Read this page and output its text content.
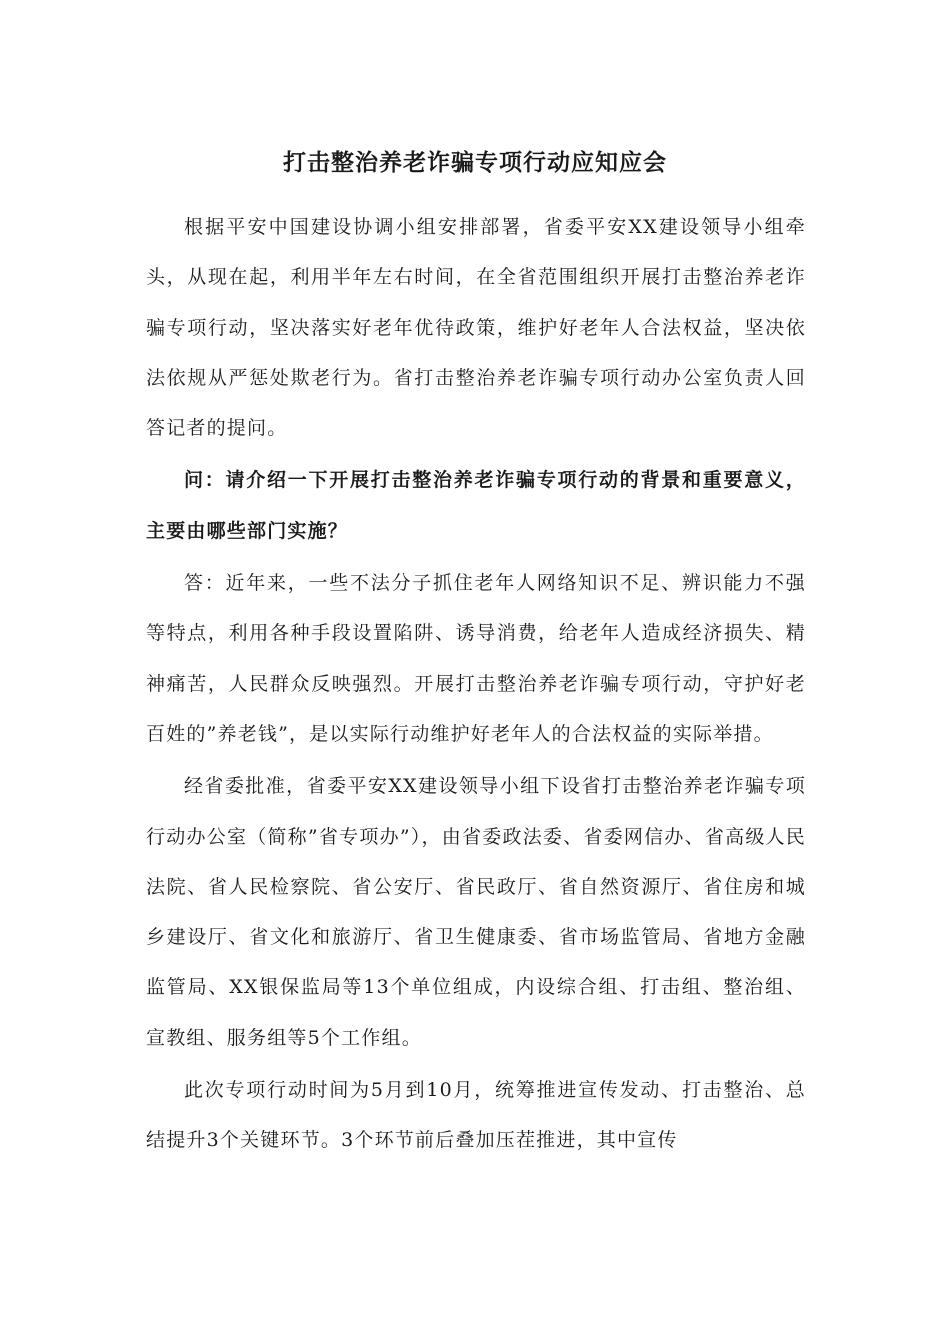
打击整治养老诈骗专项行动应知应会

根据平安中国建设协调小组安排部署，省委平安XX建设领导小组牵头，从现在起，利用半年左右时间，在全省范围组织开展打击整治养老诈骗专项行动，坚决落实好老年优待政策，维护好老年人合法权益，坚决依法依规从严惩处欺老行为。省打击整治养老诈骗专项行动办公室负责人回答记者的提问。

问：请介绍一下开展打击整治养老诈骗专项行动的背景和重要意义，主要由哪些部门实施？

答：近年来，一些不法分子抓住老年人网络知识不足、辨识能力不强等特点，利用各种手段设置陷阱、诱导消费，给老年人造成经济损失、精神痛苦，人民群众反映强烈。开展打击整治养老诈骗专项行动，守护好老百姓的”养老钱”，是以实际行动维护好老年人的合法权益的实际举措。

经省委批准，省委平安XX建设领导小组下设省打击整治养老诈骗专项行动办公室（简称”省专项办”），由省委政法委、省委网信办、省高级人民法院、省人民检察院、省公安厅、省民政厅、省自然资源厅、省住房和城乡建设厅、省文化和旅游厅、省卫生健康委、省市场监管局、省地方金融监管局、XX银保监局等13个单位组成，内设综合组、打击组、整治组、宣教组、服务组等5个工作组。

此次专项行动时间为5月到10月，统筹推进宣传发动、打击整治、总结提升3个关键环节。3个环节前后叠加压茬推进，其中宣传
